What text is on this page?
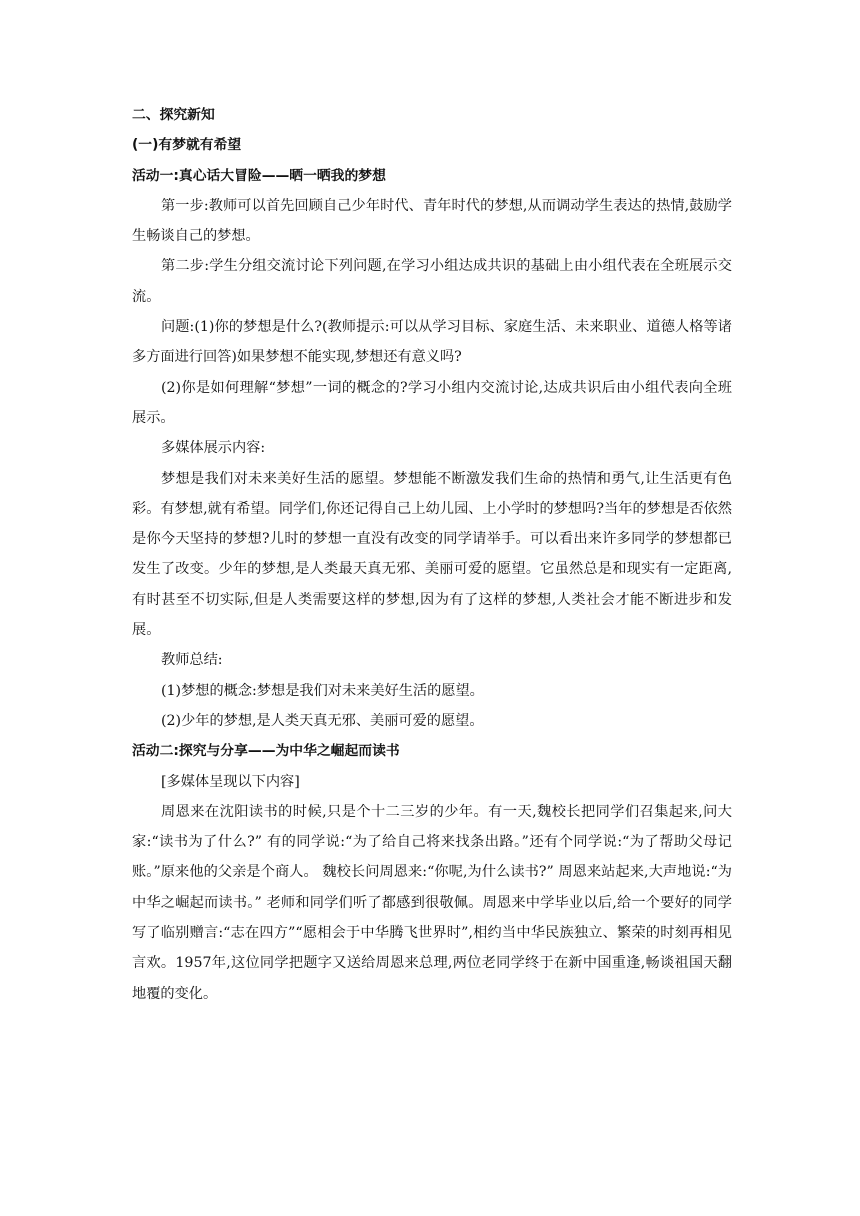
二、探究新知

(一)有梦就有希望

活动一:真心话大冒险——晒一晒我的梦想

第一步:教师可以首先回顾自己少年时代、青年时代的梦想,从而调动学生表达的热情,鼓励学生畅谈自己的梦想。

第二步:学生分组交流讨论下列问题,在学习小组达成共识的基础上由小组代表在全班展示交流。

问题:(1)你的梦想是什么?(教师提示:可以从学习目标、家庭生活、未来职业、道德人格等诸多方面进行回答)如果梦想不能实现,梦想还有意义吗?

(2)你是如何理解“梦想”一词的概念的?学习小组内交流讨论,达成共识后由小组代表向全班展示。

多媒体展示内容:

梦想是我们对未来美好生活的愿望。梦想能不断激发我们生命的热情和勇气,让生活更有色彩。有梦想,就有希望。同学们,你还记得自己上幼儿园、上小学时的梦想吗?当年的梦想是否依然是你今天坚持的梦想?儿时的梦想一直没有改变的同学请举手。可以看出来许多同学的梦想都已发生了改变。少年的梦想,是人类最天真无邪、美丽可爱的愿望。它虽然总是和现实有一定距离,有时甚至不切实际,但是人类需要这样的梦想,因为有了这样的梦想,人类社会才能不断进步和发展。

教师总结:

(1)梦想的概念:梦想是我们对未来美好生活的愿望。

(2)少年的梦想,是人类天真无邪、美丽可爱的愿望。

活动二:探究与分享——为中华之崛起而读书

[多媒体呈现以下内容]

周恩来在沈阳读书的时候,只是个十二三岁的少年。有一天,魏校长把同学们召集起来,问大家:“读书为了什么?” 有的同学说:“为了给自己将来找条出路。”还有个同学说:“为了帮助父母记账。”原来他的父亲是个商人。 魏校长问周恩来:“你呢,为什么读书?” 周恩来站起来,大声地说:“为中华之崛起而读书。” 老师和同学们听了都感到很敬佩。周恩来中学毕业以后,给一个要好的同学写了临别赠言:“志在四方”“愿相会于中华腾飞世界时”,相约当中华民族独立、繁荣的时刻再相见言欢。1957年,这位同学把题字又送给周恩来总理,两位老同学终于在新中国重逢,畅谈祖国天翻地覆的变化。
